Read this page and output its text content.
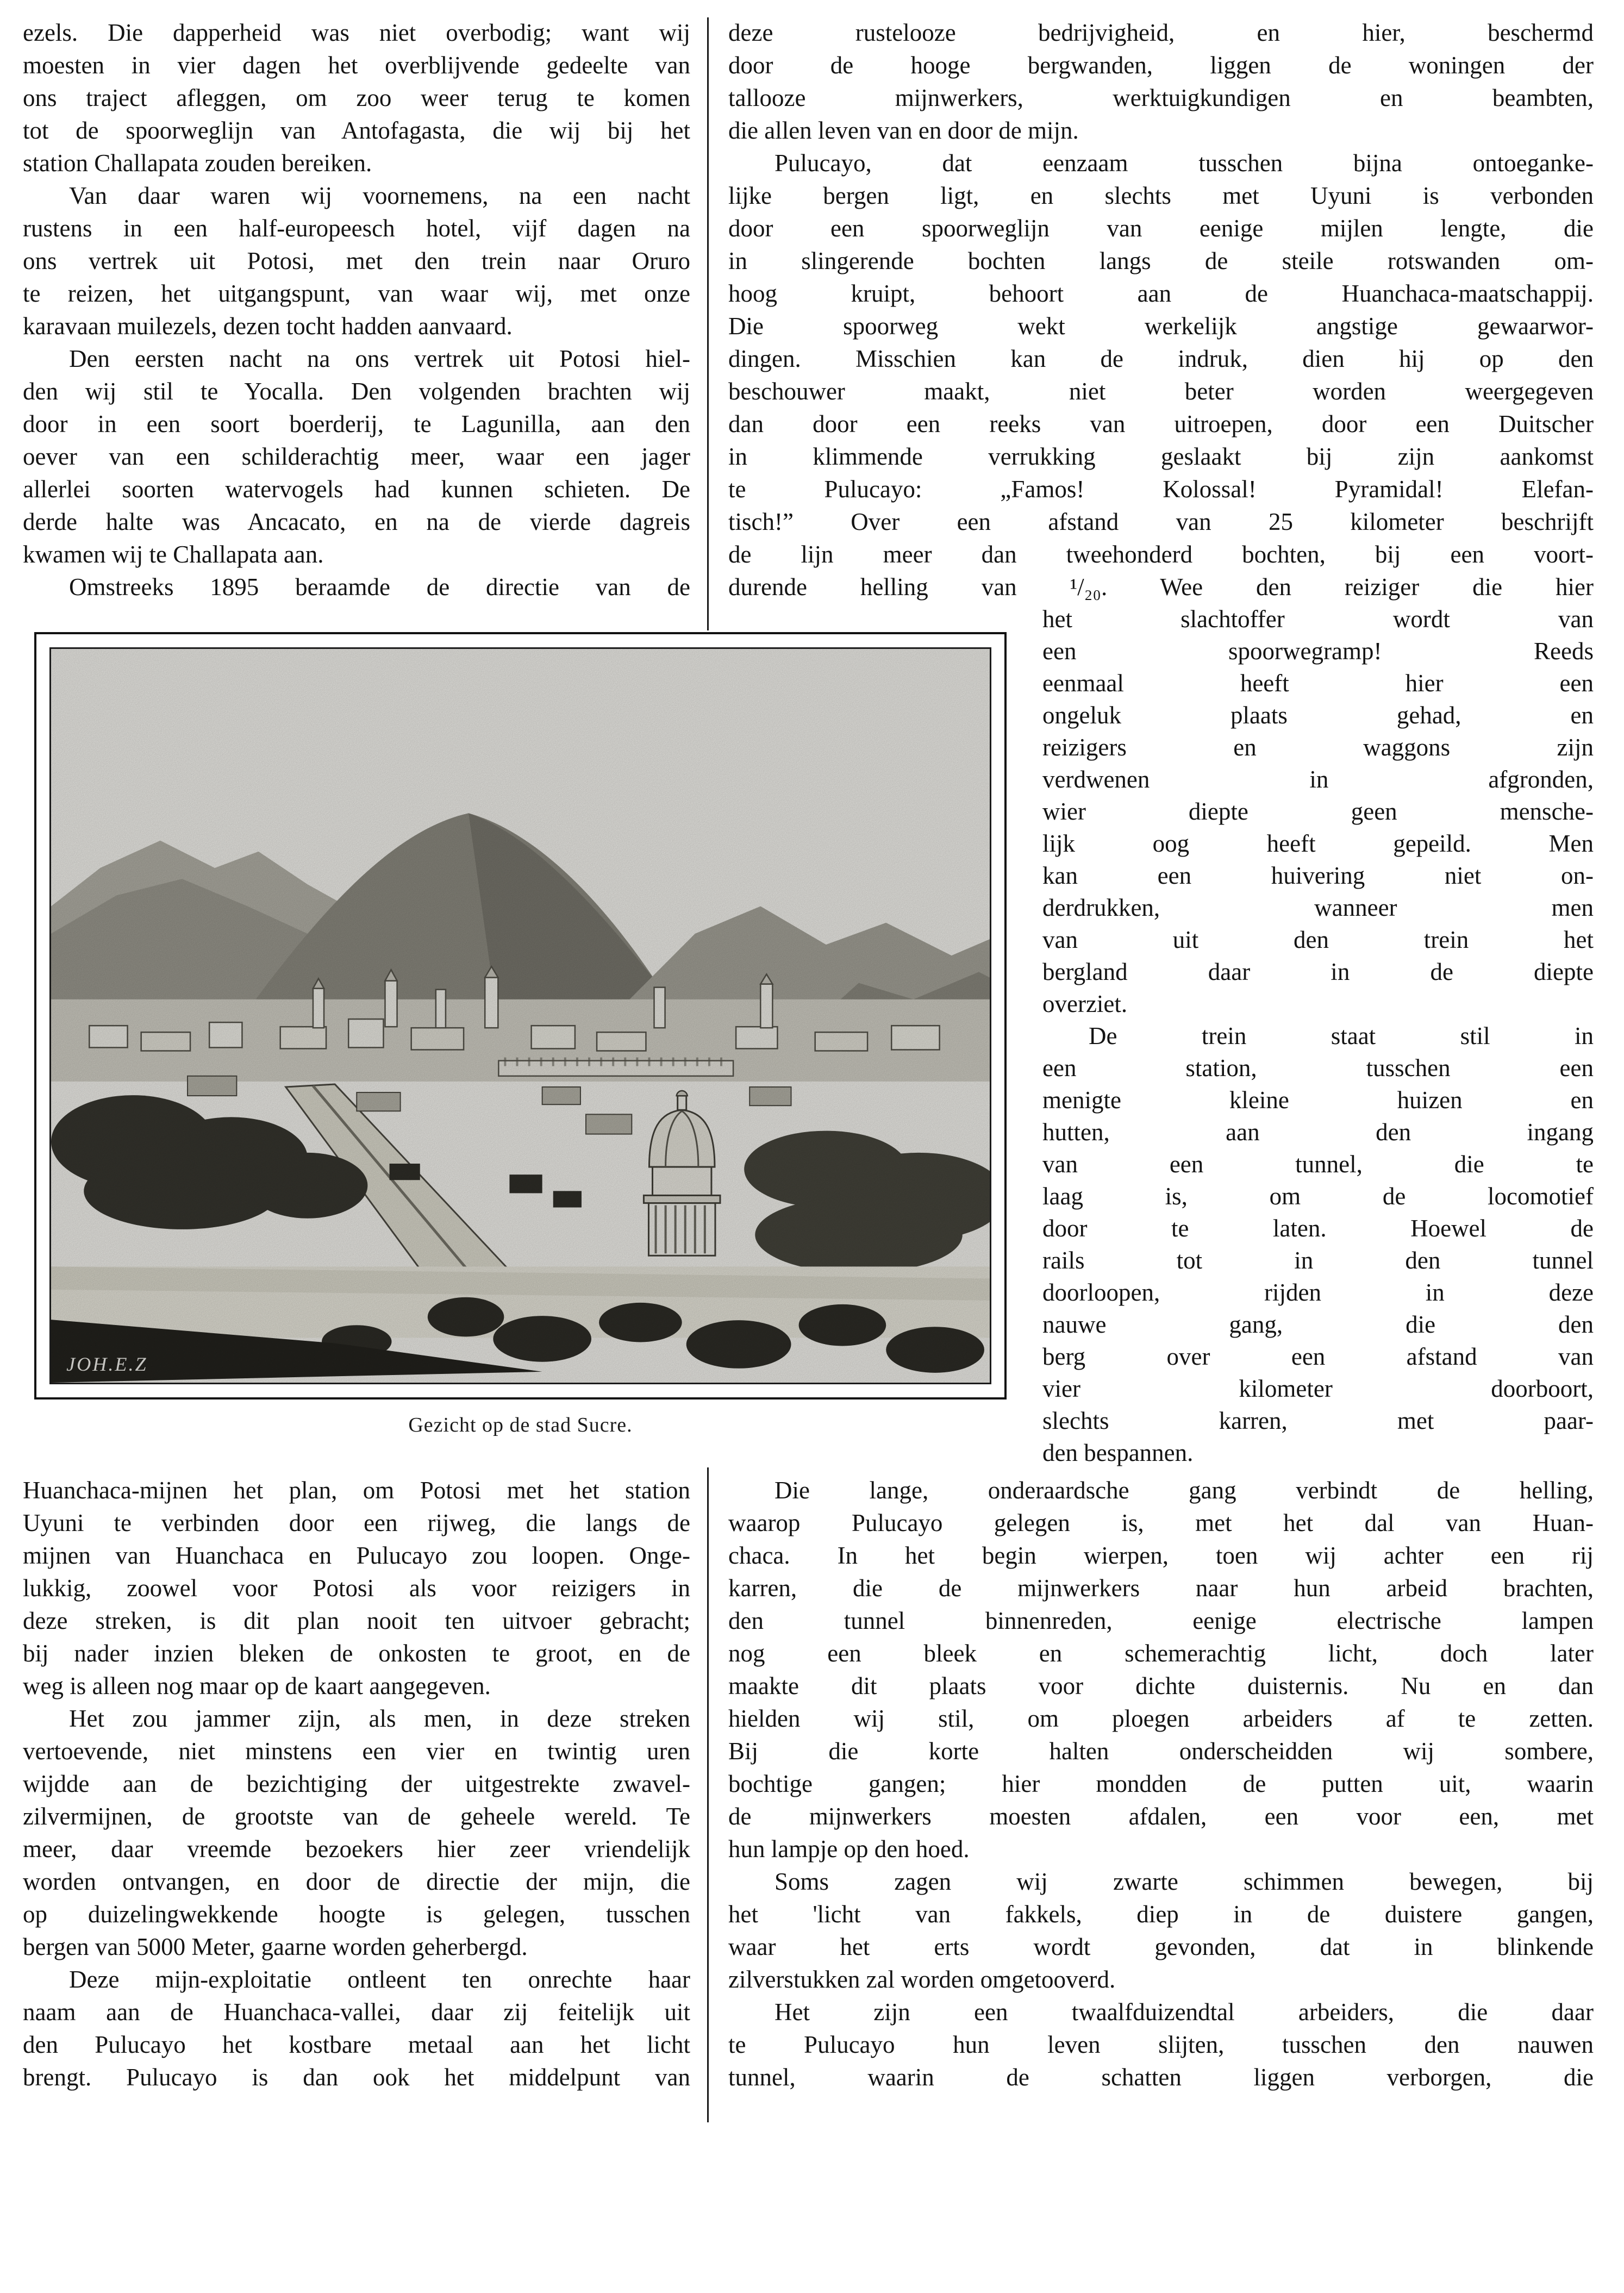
ezels. Die dapperheid was niet overbodig; want wij
moesten in vier dagen het overblijvende gedeelte van
ons traject afleggen, om zoo weer terug te komen
tot de spoorweglijn van Antofagasta, die wij bij het
station Challapata zouden bereiken.
Van daar waren wij voornemens, na een nacht
rustens in een half-europeesch hotel, vijf dagen na
ons vertrek uit Potosi, met den trein naar Oruro
te reizen, het uitgangspunt, van waar wij, met onze
karavaan muilezels, dezen tocht hadden aanvaard.
Den eersten nacht na ons vertrek uit Potosi hiel-
den wij stil te Yocalla. Den volgenden brachten wij
door in een soort boerderij, te Lagunilla, aan den
oever van een schilderachtig meer, waar een jager
allerlei soorten watervogels had kunnen schieten. De
derde halte was Ancacato, en na de vierde dagreis
kwamen wij te Challapata aan.
Omstreeks 1895 beraamde de directie van de
deze rustelooze bedrijvigheid, en hier, beschermd
door de hooge bergwanden, liggen de woningen der
tallooze mijnwerkers, werktuigkundigen en beambten,
die allen leven van en door de mijn.
Pulucayo, dat eenzaam tusschen bijna ontoeganke-
lijke bergen ligt, en slechts met Uyuni is verbonden
door een spoorweglijn van eenige mijlen lengte, die
in slingerende bochten langs de steile rotswanden om-
hoog kruipt, behoort aan de Huanchaca-maatschappij.
Die spoorweg wekt werkelijk angstige gewaarwor-
dingen. Misschien kan de indruk, dien hij op den
beschouwer maakt, niet beter worden weergegeven
dan door een reeks van uitroepen, door een Duitscher
in klimmende verrukking geslaakt bij zijn aankomst
te Pulucayo: „Famos! Kolossal! Pyramidal! Elefan-
tisch!” Over een afstand van 25 kilometer beschrijft
de lijn meer dan tweehonderd bochten, bij een voort-
durende helling van ¹/₂₀. Wee den reiziger die hier
het slachtoffer wordt van
een spoorwegramp! Reeds
eenmaal heeft hier een
ongeluk plaats gehad, en
reizigers en waggons zijn
verdwenen in afgronden,
wier diepte geen mensche-
lijk oog heeft gepeild. Men
kan een huivering niet on-
derdrukken, wanneer men
van uit den trein het
bergland daar in de diepte
overziet.
De trein staat stil in
een station, tusschen een
menigte kleine huizen en
hutten, aan den ingang
van een tunnel, die te
laag is, om de locomotief
door te laten. Hoewel de
rails tot in den tunnel
doorloopen, rijden in deze
nauwe gang, die den
berg over een afstand van
vier kilometer doorboort,
slechts karren, met paar-
den bespannen.
Huanchaca-mijnen het plan, om Potosi met het station
Uyuni te verbinden door een rijweg, die langs de
mijnen van Huanchaca en Pulucayo zou loopen. Onge-
lukkig, zoowel voor Potosi als voor reizigers in
deze streken, is dit plan nooit ten uitvoer gebracht;
bij nader inzien bleken de onkosten te groot, en de
weg is alleen nog maar op de kaart aangegeven.
Het zou jammer zijn, als men, in deze streken
vertoevende, niet minstens een vier en twintig uren
wijdde aan de bezichtiging der uitgestrekte zwavel-
zilvermijnen, de grootste van de geheele wereld. Te
meer, daar vreemde bezoekers hier zeer vriendelijk
worden ontvangen, en door de directie der mijn, die
op duizelingwekkende hoogte is gelegen, tusschen
bergen van 5000 Meter, gaarne worden geherbergd.
Deze mijn-exploitatie ontleent ten onrechte haar
naam aan de Huanchaca-vallei, daar zij feitelijk uit
den Pulucayo het kostbare metaal aan het licht
brengt. Pulucayo is dan ook het middelpunt van
Die lange, onderaardsche gang verbindt de helling,
waarop Pulucayo gelegen is, met het dal van Huan-
chaca. In het begin wierpen, toen wij achter een rij
karren, die de mijnwerkers naar hun arbeid brachten,
den tunnel binnenreden, eenige electrische lampen
nog een bleek en schemerachtig licht, doch later
maakte dit plaats voor dichte duisternis. Nu en dan
hielden wij stil, om ploegen arbeiders af te zetten.
Bij die korte halten onderscheidden wij sombere,
bochtige gangen; hier mondden de putten uit, waarin
de mijnwerkers moesten afdalen, een voor een, met
hun lampje op den hoed.
Soms zagen wij zwarte schimmen bewegen, bij
het 'licht van fakkels, diep in de duistere gangen,
waar het erts wordt gevonden, dat in blinkende
zilverstukken zal worden omgetooverd.
Het zijn een twaalfduizendtal arbeiders, die daar
te Pulucayo hun leven slijten, tusschen den nauwen
tunnel, waarin de schatten liggen verborgen, die
JOH.E.Z
Gezicht op de stad Sucre.
